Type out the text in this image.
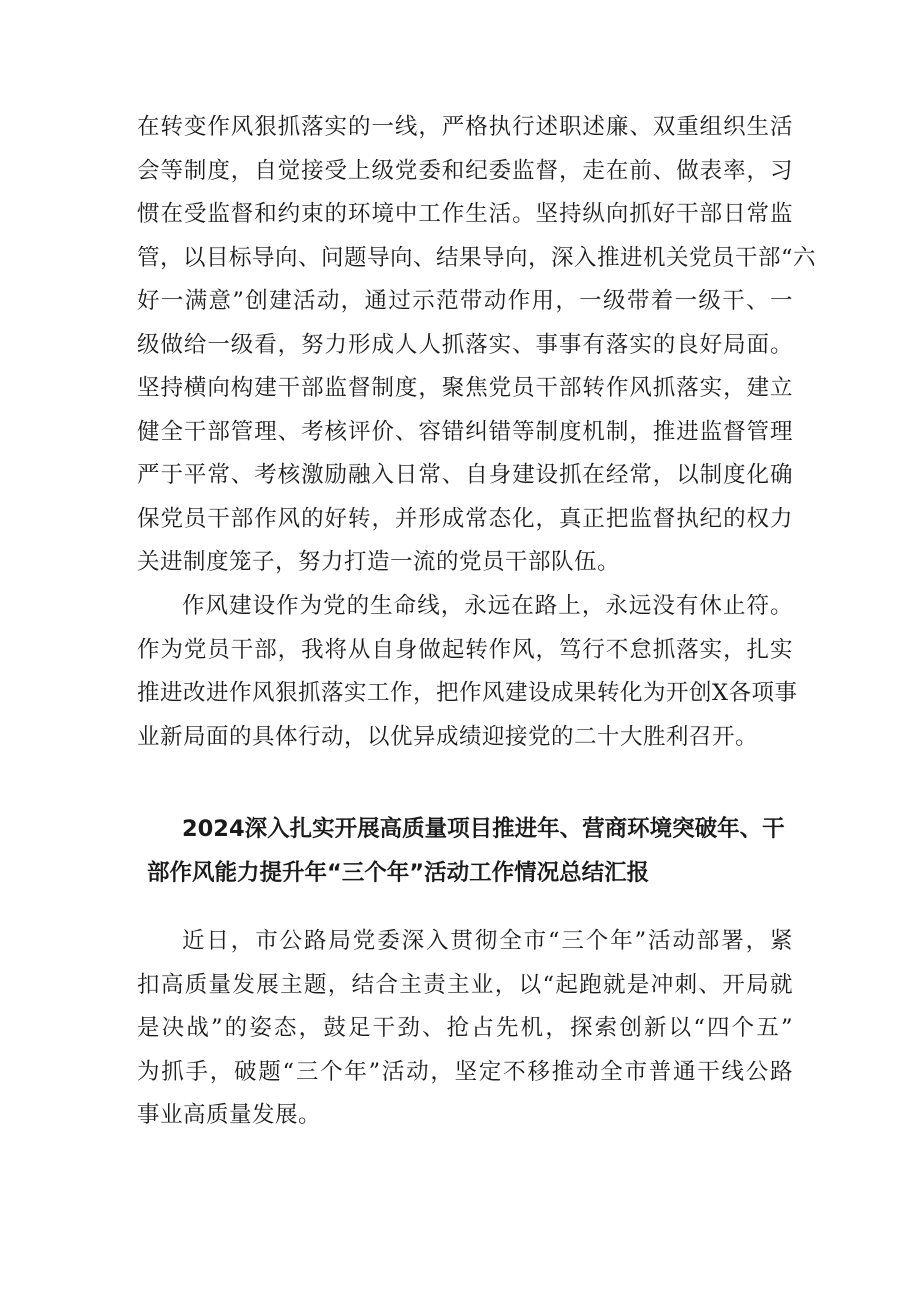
在转变作风狠抓落实的一线，严格执行述职述廉、双重组织生活
会等制度，自觉接受上级党委和纪委监督，走在前、做表率，习
惯在受监督和约束的环境中工作生活。坚持纵向抓好干部日常监
管，以目标导向、问题导向、结果导向，深入推进机关党员干部“六
好一满意”创建活动，通过示范带动作用，一级带着一级干、一
级做给一级看，努力形成人人抓落实、事事有落实的良好局面。
坚持横向构建干部监督制度，聚焦党员干部转作风抓落实，建立
健全干部管理、考核评价、容错纠错等制度机制，推进监督管理
严于平常、考核激励融入日常、自身建设抓在经常，以制度化确
保党员干部作风的好转，并形成常态化，真正把监督执纪的权力
关进制度笼子，努力打造一流的党员干部队伍。
作风建设作为党的生命线，永远在路上，永远没有休止符。
作为党员干部，我将从自身做起转作风，笃行不怠抓落实，扎实
推进改进作风狠抓落实工作，把作风建设成果转化为开创X各项事
业新局面的具体行动，以优异成绩迎接党的二十大胜利召开。
2024深入扎实开展高质量项目推进年、营商环境突破年、干
部作风能力提升年“三个年”活动工作情况总结汇报
近日，市公路局党委深入贯彻全市“三个年”活动部署，紧
扣高质量发展主题，结合主责主业，以“起跑就是冲刺、开局就
是决战”的姿态，鼓足干劲、抢占先机，探索创新以“四个五”
为抓手，破题“三个年”活动，坚定不移推动全市普通干线公路
事业高质量发展。
